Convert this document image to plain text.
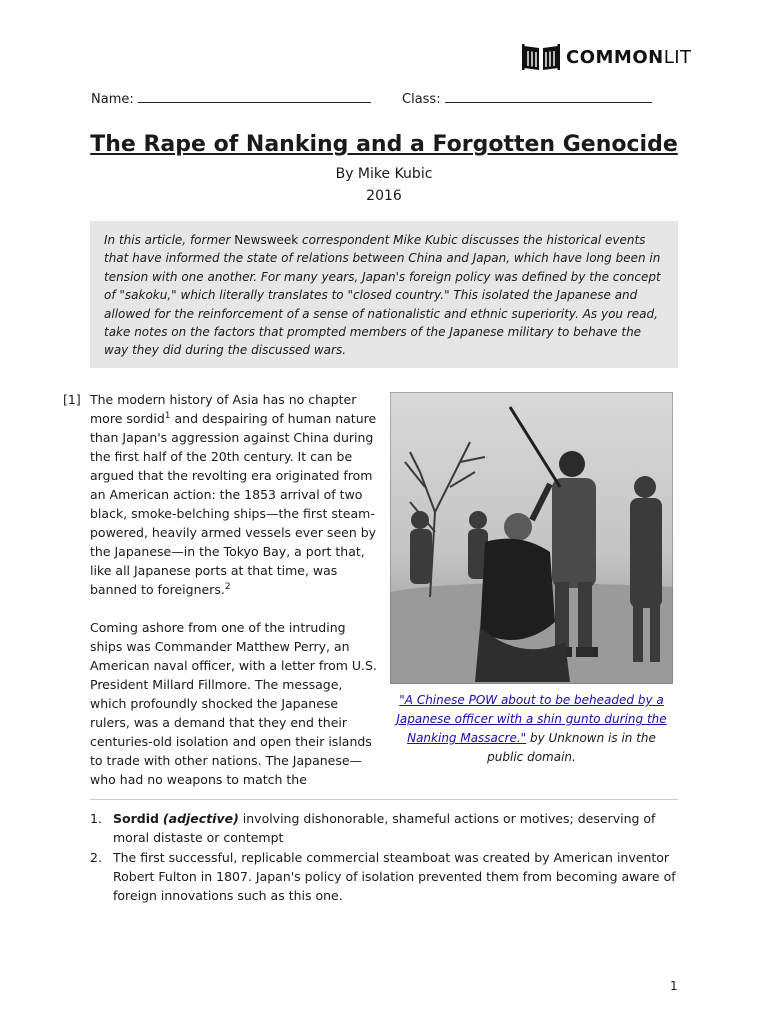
COMMONLIT
Name:	Class:
The Rape of Nanking and a Forgotten Genocide
By Mike Kubic
2016
In this article, former Newsweek correspondent Mike Kubic discusses the historical events that have informed the state of relations between China and Japan, which have long been in tension with one another. For many years, Japan's foreign policy was defined by the concept of "sakoku," which literally translates to "closed country." This isolated the Japanese and allowed for the reinforcement of a sense of nationalistic and ethnic superiority. As you read, take notes on the factors that prompted members of the Japanese military to behave the way they did during the discussed wars.
[1] The modern history of Asia has no chapter more sordid$^1$ and despairing of human nature than Japan's aggression against China during the first half of the 20th century. It can be argued that the revolting era originated from an American action: the 1853 arrival of two black, smoke-belching ships—the first steam-powered, heavily armed vessels ever seen by the Japanese—in the Tokyo Bay, a port that, like all Japanese ports at that time, was banned to foreigners.$^2$

Coming ashore from one of the intruding ships was Commander Matthew Perry, an American naval officer, with a letter from U.S. President Millard Fillmore. The message, which profoundly shocked the Japanese rulers, was a demand that they end their centuries-old isolation and open their islands to trade with other nations. The Japanese—who had no weapons to match the

"A Chinese POW about to be beheaded by a Japanese officer with a shin gunto during the Nanking Massacre." by Unknown is in the public domain.
1. Sordid (adjective) involving dishonorable, shameful actions or motives; deserving of moral distaste or contempt
2. The first successful, replicable commercial steamboat was created by American inventor Robert Fulton in 1807. Japan's policy of isolation prevented them from becoming aware of foreign innovations such as this one.
1
